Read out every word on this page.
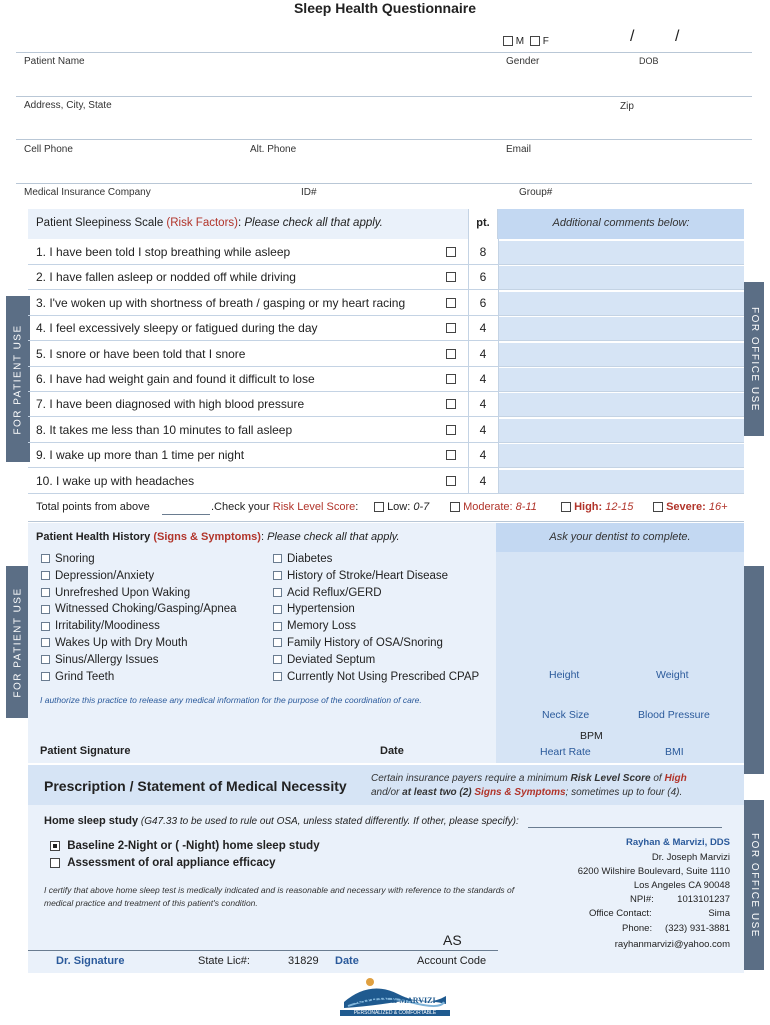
Sleep Health Questionnaire
M F	/	/
Patient Name	Gender	DOB
Address, City, State	Zip
Cell Phone	Alt. Phone	Email
Medical Insurance Company	ID#	Group#
FOR PATIENT USE	FOR OFFICE USE
FOR PATIENT USE
FOR OFFICE USE
Patient Sleepiness Scale (Risk Factors): Please check all that apply.	pt.	Additional comments below:
1. I have been told I stop breathing while asleep	8
2. I have fallen asleep or nodded off while driving	6
3. I've woken up with shortness of breath / gasping or my heart racing	6
4. I feel excessively sleepy or fatigued during the day	4
5. I snore or have been told that I snore	4
6. I have had weight gain and found it difficult to lose	4
7. I have been diagnosed with high blood pressure	4
8. It takes me less than 10 minutes to fall asleep	4
9. I wake up more than 1 time per night	4
10. I wake up with headaches	4
Total points from above	.Check your Risk Level Score:	Low: 0-7	Moderate: 8-11	High: 12-15	Severe: 16+
Patient Health History (Signs & Symptoms): Please check all that apply.	Ask your dentist to complete.
Snoring
Depression/Anxiety
Unrefreshed Upon Waking
Witnessed Choking/Gasping/Apnea
Irritability/Moodiness
Wakes Up with Dry Mouth
Sinus/Allergy Issues
Grind Teeth
Diabetes
History of Stroke/Heart Disease
Acid Reflux/GERD
Hypertension
Memory Loss
Family History of OSA/Snoring
Deviated Septum
Currently Not Using Prescribed CPAP
I authorize this practice to release any medical information for the purpose of the coordination of care.
Patient Signature	Date
Height	Weight
Neck Size	Blood Pressure
BPM
Heart Rate	BMI
Prescription / Statement of Medical Necessity Certain insurance payers require a minimum Risk Level Score of High
and/or at least two (2) Signs & Symptoms; sometimes up to four (4).
Home sleep study (G47.33 to be used to rule out OSA, unless stated differently. If other, please specify):
Baseline 2-Night or ( -Night) home sleep study
Assessment of oral appliance efficacy
I certify that above home sleep test is medically indicated and is reasonable and necessary with reference to the standards of medical practice and treatment of this patient's condition.
AS
Dr. Signature	State Lic#:	31829 Date	Account Code
Rayhan & Marvizi, DDS
Dr. Joseph Marvizi
6200 Wilshire Boulevard, Suite 1110
Los Angeles CA 90048
NPI#: 1013101237
Office Contact:	Sima
Phone: (323) 931-3881
rayhanmarvizi@yahoo.com
RAYHAN & MARVIZI
PERSONALIZED & COMFORTABLE
